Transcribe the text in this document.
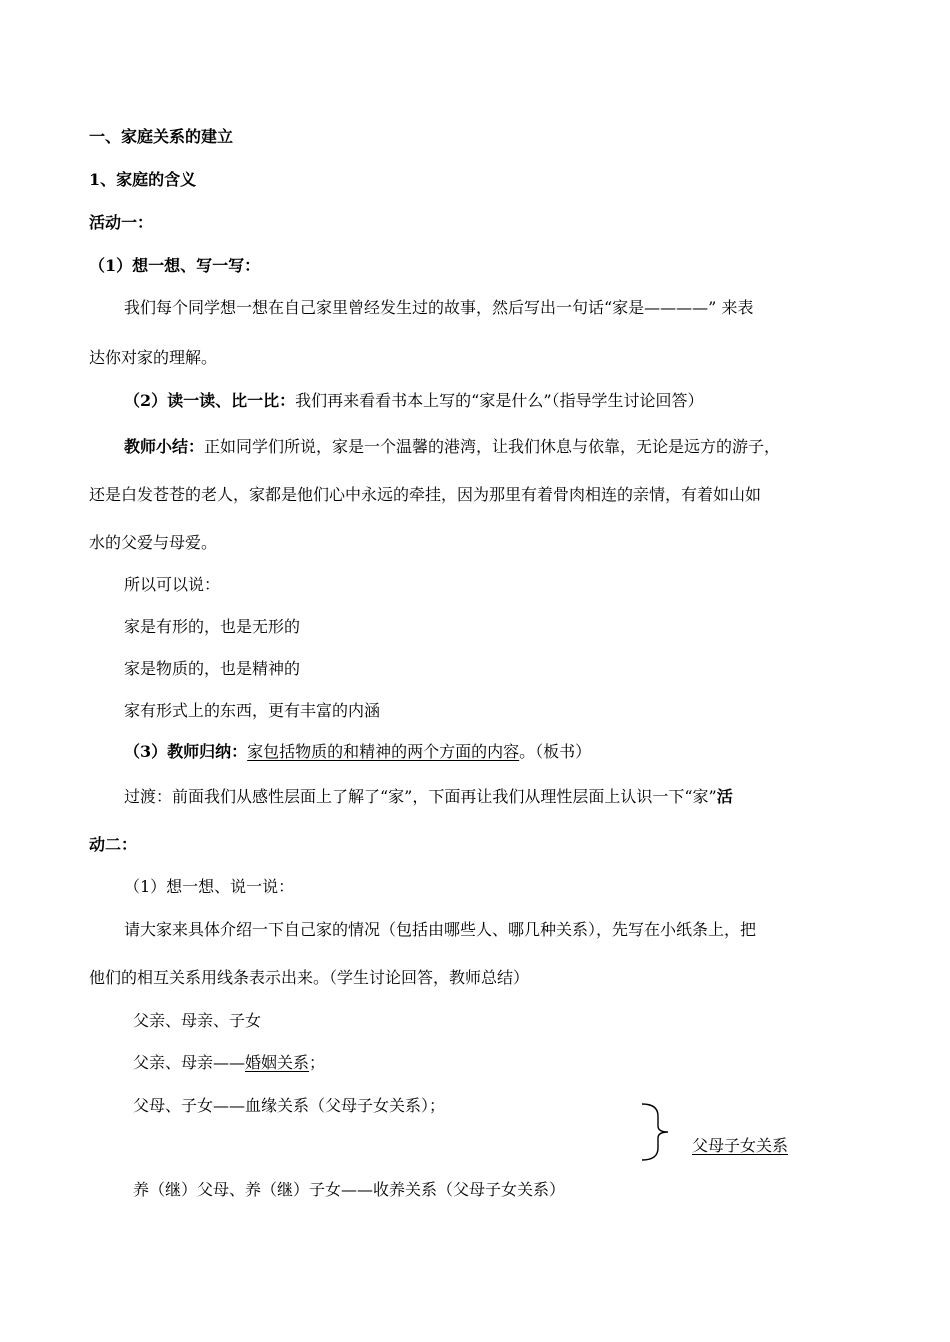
一、家庭关系的建立
1、家庭的含义
活动一：
（1）想一想、写一写：
我们每个同学想一想在自己家里曾经发生过的故事，然后写出一句话“家是————” 来表
达你对家的理解。
（2）读一读、比一比：我们再来看看书本上写的“家是什么”（指导学生讨论回答）
教师小结：正如同学们所说，家是一个温馨的港湾，让我们休息与依靠，无论是远方的游子，
还是白发苍苍的老人，家都是他们心中永远的牵挂，因为那里有着骨肉相连的亲情，有着如山如
水的父爱与母爱。
所以可以说：
家是有形的，也是无形的
家是物质的，也是精神的
家有形式上的东西，更有丰富的内涵
（3）教师归纳：家包括物质的和精神的两个方面的内容。（板书）
过渡：前面我们从感性层面上了解了“家”，下面再让我们从理性层面上认识一下“家”活
动二：
（1）想一想、说一说：
请大家来具体介绍一下自己家的情况（包括由哪些人、哪几种关系），先写在小纸条上，把
他们的相互关系用线条表示出来。（学生讨论回答，教师总结）
父亲、母亲、子女
父亲、母亲——婚姻关系；
父母、子女——血缘关系（父母子女关系）；
父母子女关系
养（继）父母、养（继）子女——收养关系（父母子女关系）
